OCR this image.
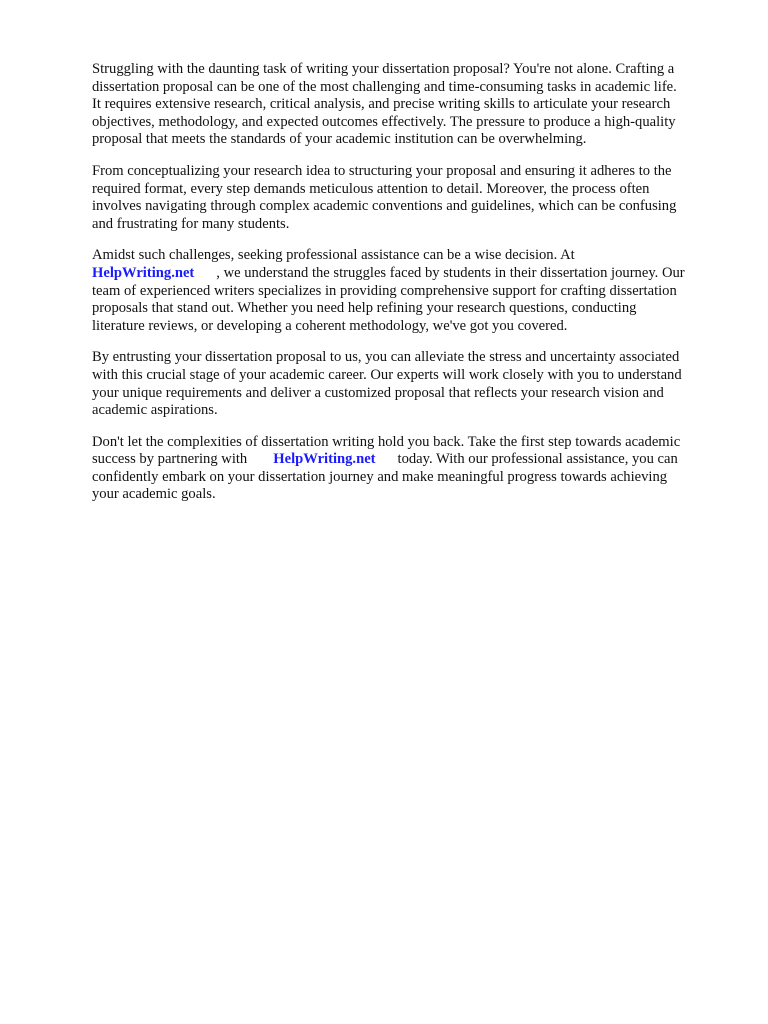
Struggling with the daunting task of writing your dissertation proposal? You're not alone. Crafting a
dissertation proposal can be one of the most challenging and time-consuming tasks in academic life.
It requires extensive research, critical analysis, and precise writing skills to articulate your research
objectives, methodology, and expected outcomes effectively. The pressure to produce a high-quality
proposal that meets the standards of your academic institution can be overwhelming.

From conceptualizing your research idea to structuring your proposal and ensuring it adheres to the
required format, every step demands meticulous attention to detail. Moreover, the process often
involves navigating through complex academic conventions and guidelines, which can be confusing
and frustrating for many students.

Amidst such challenges, seeking professional assistance can be a wise decision. At
HelpWriting.net , we understand the struggles faced by students in their dissertation journey. Our
team of experienced writers specializes in providing comprehensive support for crafting dissertation
proposals that stand out. Whether you need help refining your research questions, conducting
literature reviews, or developing a coherent methodology, we've got you covered.

By entrusting your dissertation proposal to us, you can alleviate the stress and uncertainty associated
with this crucial stage of your academic career. Our experts will work closely with you to understand
your unique requirements and deliver a customized proposal that reflects your research vision and
academic aspirations.

Don't let the complexities of dissertation writing hold you back. Take the first step towards academic
success by partnering with HelpWriting.net today. With our professional assistance, you can
confidently embark on your dissertation journey and make meaningful progress towards achieving
your academic goals.
